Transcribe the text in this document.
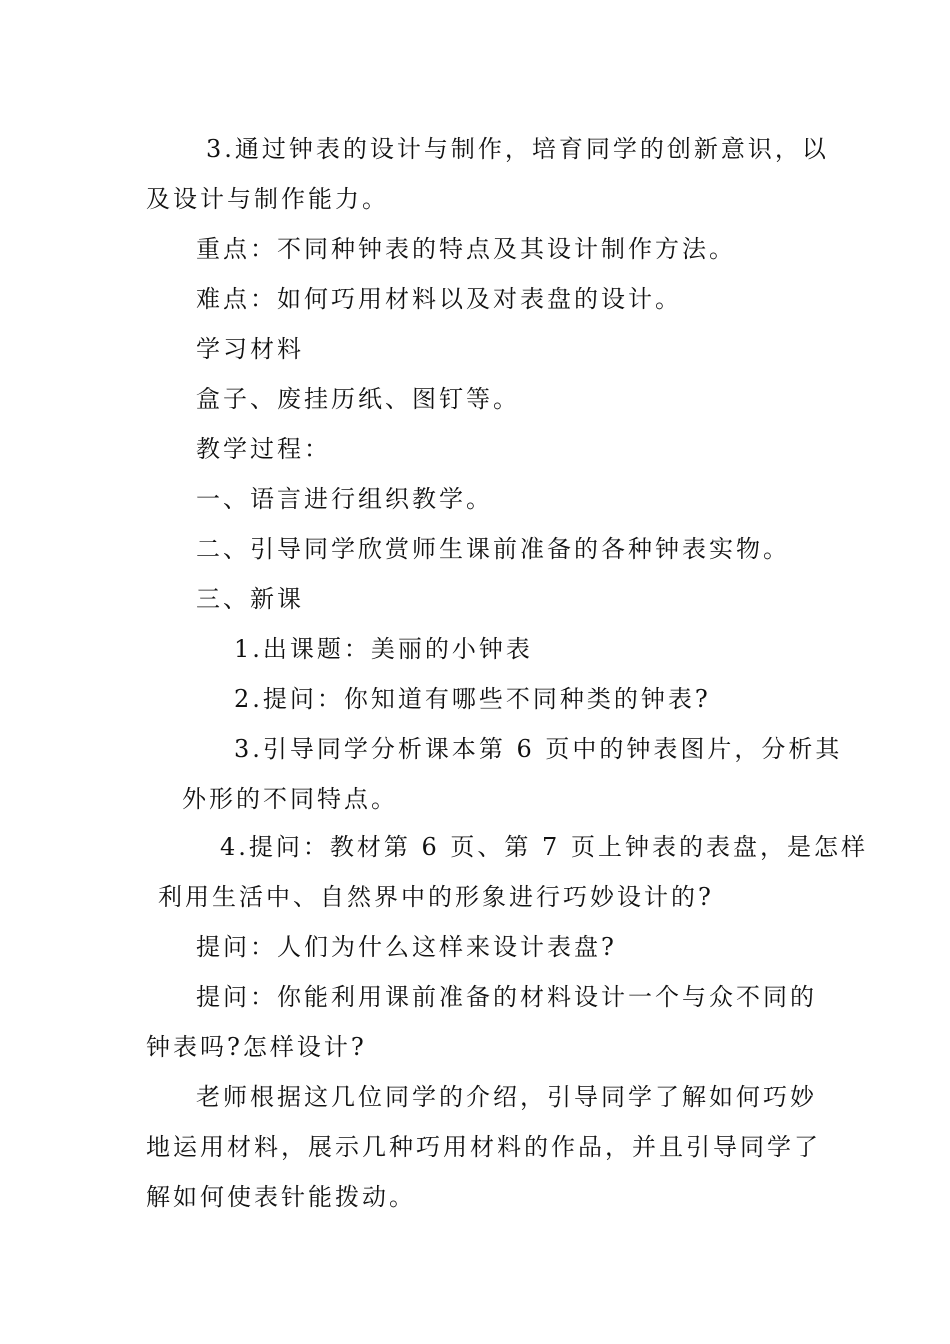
3.通过钟表的设计与制作，培育同学的创新意识，以
及设计与制作能力。
重点：不同种钟表的特点及其设计制作方法。
难点：如何巧用材料以及对表盘的设计。
学习材料
盒子、废挂历纸、图钉等。
教学过程：
一、语言进行组织教学。
二、引导同学欣赏师生课前准备的各种钟表实物。
三、新课
1.出课题：美丽的小钟表
2.提问：你知道有哪些不同种类的钟表?
3.引导同学分析课本第 6 页中的钟表图片，分析其
外形的不同特点。
4.提问：教材第 6 页、第 7 页上钟表的表盘，是怎样
利用生活中、自然界中的形象进行巧妙设计的?
提问：人们为什么这样来设计表盘?
提问：你能利用课前准备的材料设计一个与众不同的
钟表吗?怎样设计?
老师根据这几位同学的介绍，引导同学了解如何巧妙
地运用材料，展示几种巧用材料的作品，并且引导同学了
解如何使表针能拨动。
